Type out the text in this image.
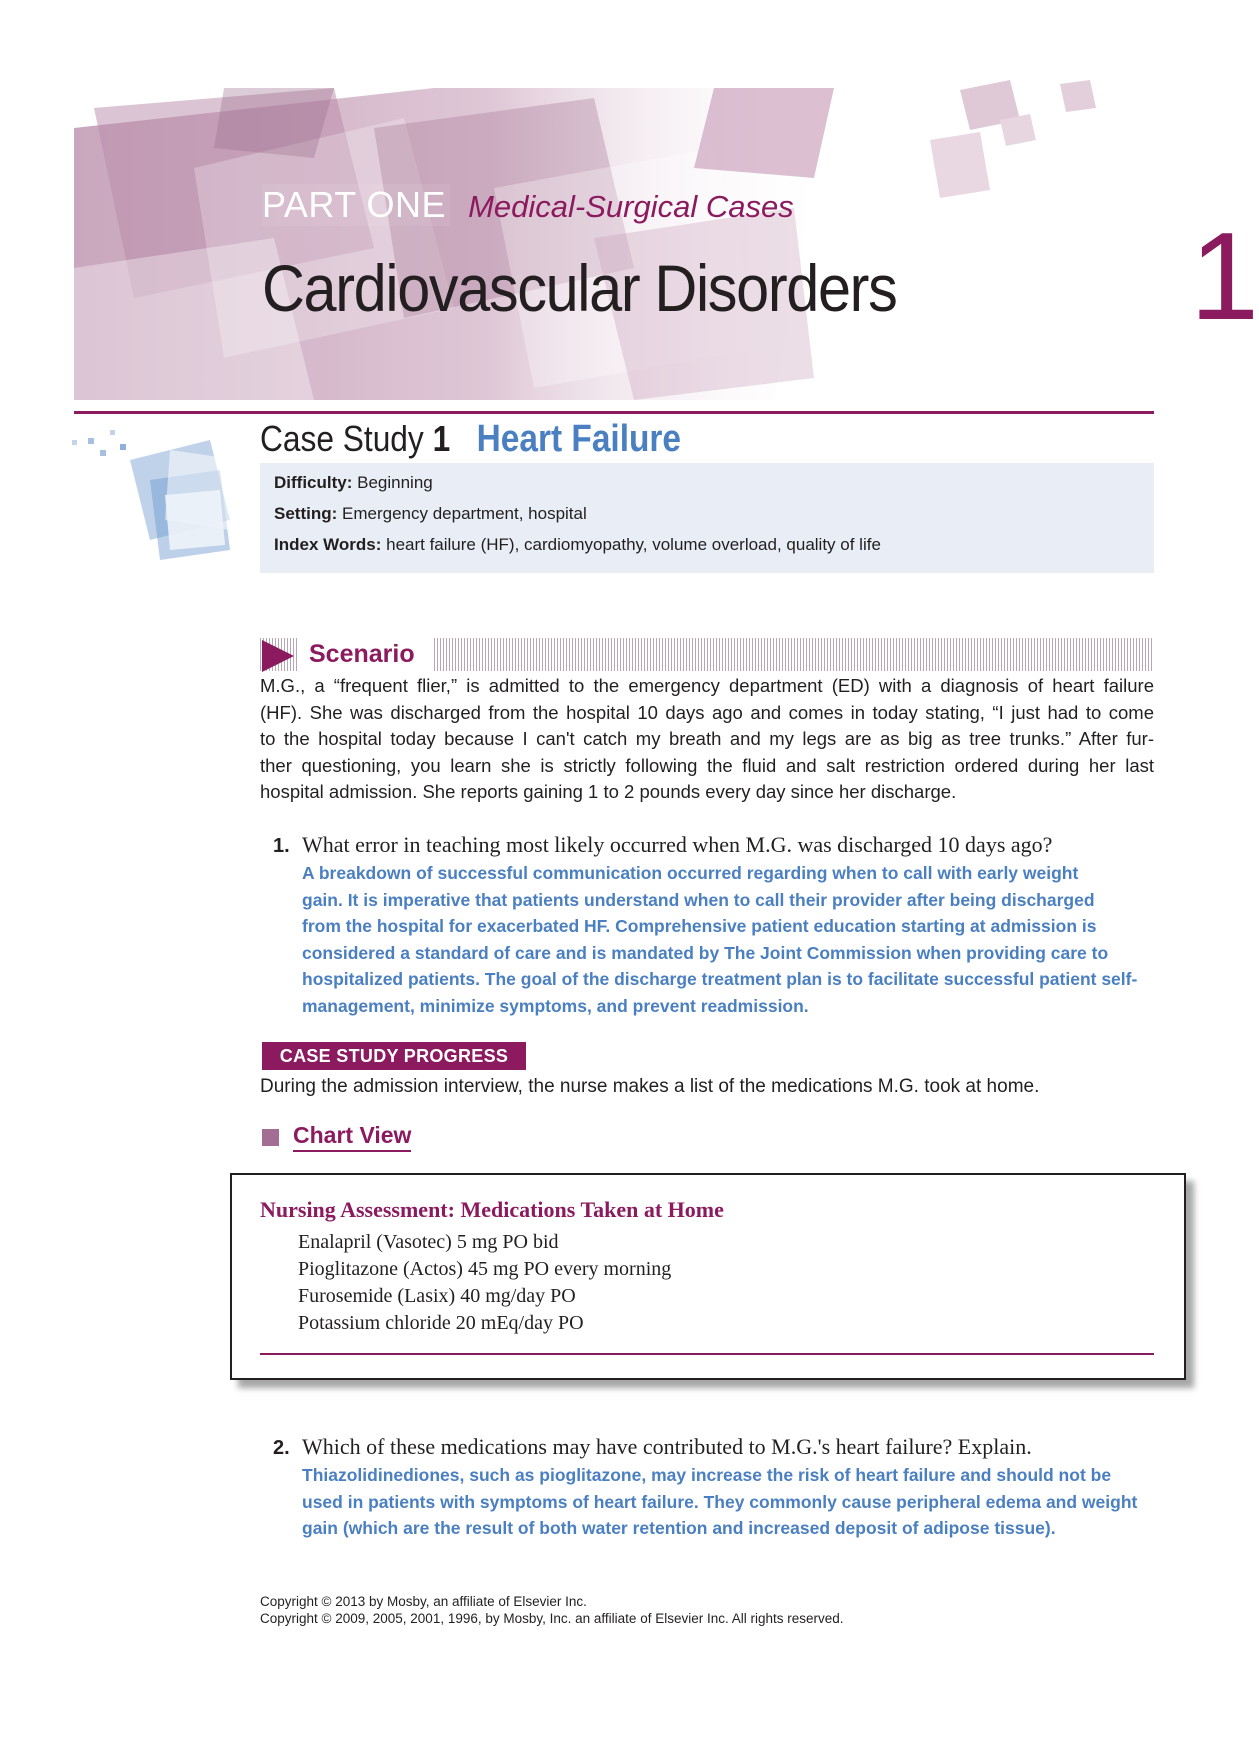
PART ONE Medical-Surgical Cases
Cardiovascular Disorders 1
Case Study 1 Heart Failure
Difficulty: Beginning
Setting: Emergency department, hospital
Index Words: heart failure (HF), cardiomyopathy, volume overload, quality of life
Scenario
M.G., a “frequent flier,” is admitted to the emergency department (ED) with a diagnosis of heart failure
(HF). She was discharged from the hospital 10 days ago and comes in today stating, “I just had to come
to the hospital today because I can't catch my breath and my legs are as big as tree trunks.” After fur-
ther questioning, you learn she is strictly following the fluid and salt restriction ordered during her last
hospital admission. She reports gaining 1 to 2 pounds every day since her discharge.
1. What error in teaching most likely occurred when M.G. was discharged 10 days ago?
A breakdown of successful communication occurred regarding when to call with early weight
gain. It is imperative that patients understand when to call their provider after being discharged
from the hospital for exacerbated HF. Comprehensive patient education starting at admission is
considered a standard of care and is mandated by The Joint Commission when providing care to
hospitalized patients. The goal of the discharge treatment plan is to facilitate successful patient self-
management, minimize symptoms, and prevent readmission.
CASE STUDY PROGRESS
During the admission interview, the nurse makes a list of the medications M.G. took at home.
Chart View
Nursing Assessment: Medications Taken at Home
Enalapril (Vasotec) 5 mg PO bid
Pioglitazone (Actos) 45 mg PO every morning
Furosemide (Lasix) 40 mg/day PO
Potassium chloride 20 mEq/day PO
2. Which of these medications may have contributed to M.G.'s heart failure? Explain.
Thiazolidinediones, such as pioglitazone, may increase the risk of heart failure and should not be
used in patients with symptoms of heart failure. They commonly cause peripheral edema and weight
gain (which are the result of both water retention and increased deposit of adipose tissue).
Copyright © 2013 by Mosby, an affiliate of Elsevier Inc.
Copyright © 2009, 2005, 2001, 1996, by Mosby, Inc. an affiliate of Elsevier Inc. All rights reserved.
